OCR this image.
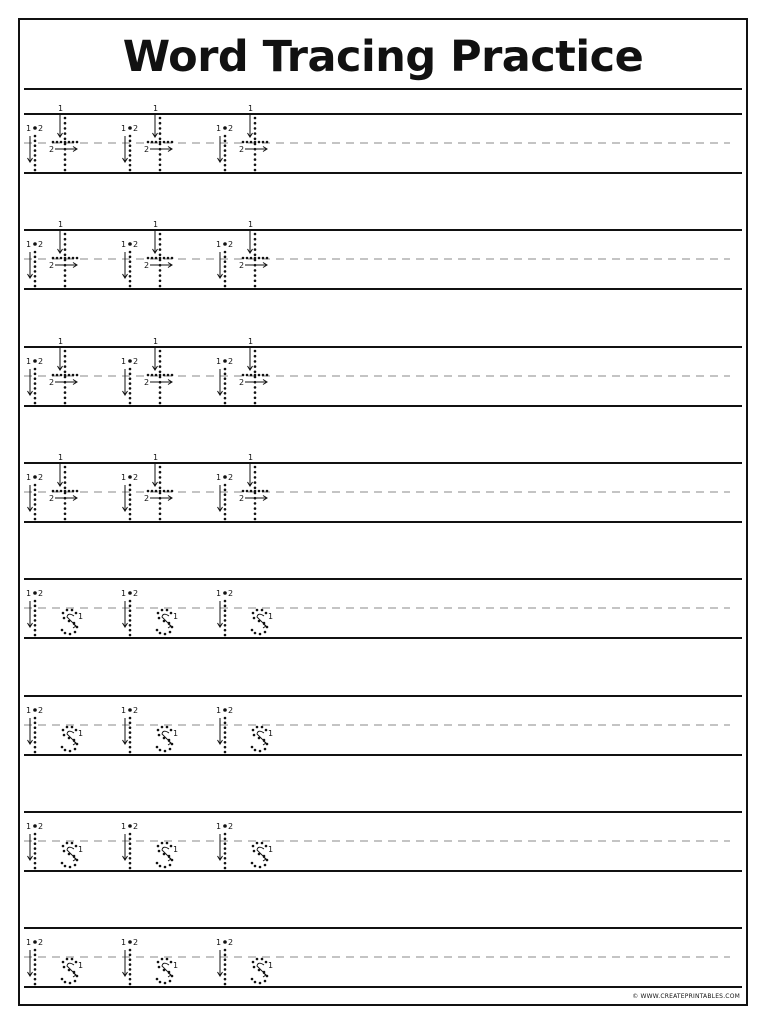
Word Tracing Practice
1 2
1
2
1 2
1
2
1 2
1
2
1 2
1
2
1 2
1
2
1 2
1
2
1 2
1
2
1 2
1
2
1 2
1
2
1 2
1
2
1 2
1
2
1 2
1
2
1 2
1
1 2
1
1 2
1
1 2
1
1 2
1
1 2
1
1 2
1
1 2
1
1 2
1
1 2
1
1 2
1
1 2
1
© WWW.CREATEPRINTABLES.COM
